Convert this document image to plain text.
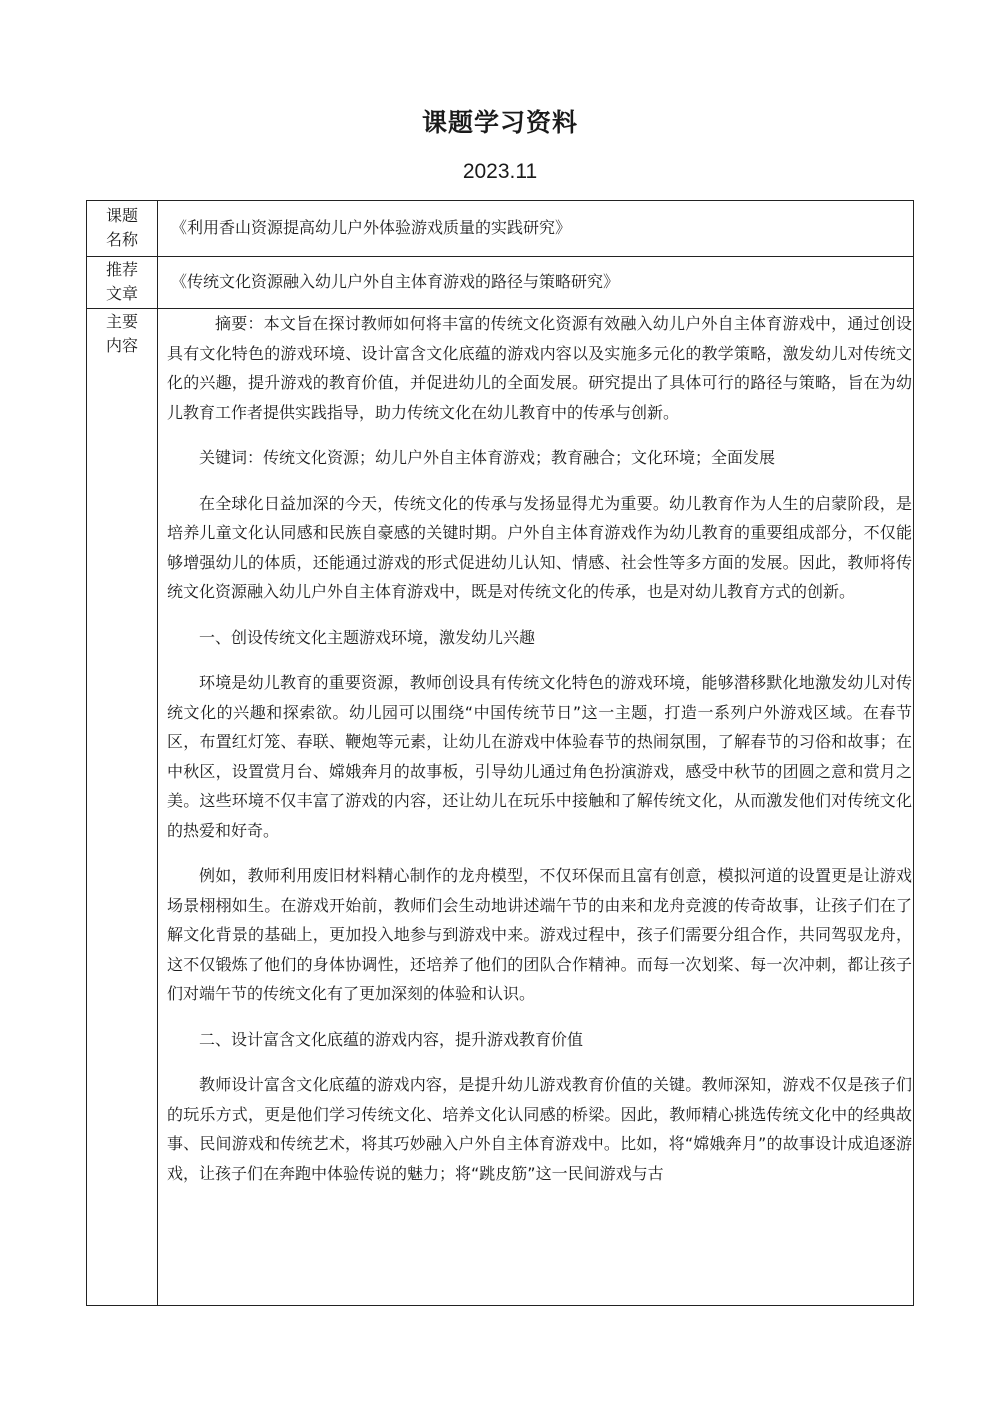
课题学习资料
2023.11
课题
名称
《利用香山资源提高幼儿户外体验游戏质量的实践研究》
推荐
文章
《传统文化资源融入幼儿户外自主体育游戏的路径与策略研究》
主要
内容

摘要：本文旨在探讨教师如何将丰富的传统文化资源有效融入幼儿户外自主体育游戏中，通过创设具有文化特色的游戏环境、设计富含文化底蕴的游戏内容以及实施多元化的教学策略，激发幼儿对传统文化的兴趣，提升游戏的教育价值，并促进幼儿的全面发展。研究提出了具体可行的路径与策略，旨在为幼儿教育工作者提供实践指导，助力传统文化在幼儿教育中的传承与创新。

关键词：传统文化资源；幼儿户外自主体育游戏；教育融合；文化环境；全面发展

在全球化日益加深的今天，传统文化的传承与发扬显得尤为重要。幼儿教育作为人生的启蒙阶段，是培养儿童文化认同感和民族自豪感的关键时期。户外自主体育游戏作为幼儿教育的重要组成部分，不仅能够增强幼儿的体质，还能通过游戏的形式促进幼儿认知、情感、社会性等多方面的发展。因此，教师将传统文化资源融入幼儿户外自主体育游戏中，既是对传统文化的传承，也是对幼儿教育方式的创新。

一、创设传统文化主题游戏环境，激发幼儿兴趣

环境是幼儿教育的重要资源，教师创设具有传统文化特色的游戏环境，能够潜移默化地激发幼儿对传统文化的兴趣和探索欲。幼儿园可以围绕“中国传统节日”这一主题，打造一系列户外游戏区域。在春节区，布置红灯笼、春联、鞭炮等元素，让幼儿在游戏中体验春节的热闹氛围，了解春节的习俗和故事；在中秋区，设置赏月台、嫦娥奔月的故事板，引导幼儿通过角色扮演游戏，感受中秋节的团圆之意和赏月之美。这些环境不仅丰富了游戏的内容，还让幼儿在玩乐中接触和了解传统文化，从而激发他们对传统文化的热爱和好奇。

例如，教师利用废旧材料精心制作的龙舟模型，不仅环保而且富有创意，模拟河道的设置更是让游戏场景栩栩如生。在游戏开始前，教师们会生动地讲述端午节的由来和龙舟竞渡的传奇故事，让孩子们在了解文化背景的基础上，更加投入地参与到游戏中来。游戏过程中，孩子们需要分组合作，共同驾驭龙舟，这不仅锻炼了他们的身体协调性，还培养了他们的团队合作精神。而每一次划桨、每一次冲刺，都让孩子们对端午节的传统文化有了更加深刻的体验和认识。

二、设计富含文化底蕴的游戏内容，提升游戏教育价值

教师设计富含文化底蕴的游戏内容，是提升幼儿游戏教育价值的关键。教师深知，游戏不仅是孩子们的玩乐方式，更是他们学习传统文化、培养文化认同感的桥梁。因此，教师精心挑选传统文化中的经典故事、民间游戏和传统艺术，将其巧妙融入户外自主体育游戏中。比如，将“嫦娥奔月”的故事设计成追逐游戏，让孩子们在奔跑中体验传说的魅力；将“跳皮筋”这一民间游戏与古
